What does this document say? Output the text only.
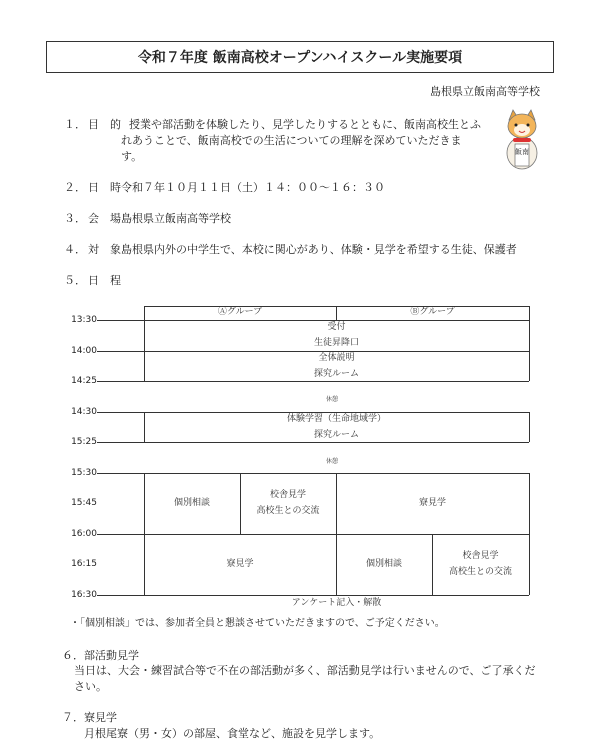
令和７年度 飯南高校オープンハイスクール実施要項
島根県立飯南高等学校
飯南
１． 目　的 授業や部活動を体験したり、見学したりするとともに、飯南高校生とふ
れあうことで、飯南高校での生活についての理解を深めていただきま
す。
２． 日　時 令和７年１０月１１日（土）１４：００～１６：３０
３． 会　場 島根県立飯南高等学校
４． 対　象 島根県内外の中学生で、本校に関心があり、体験・見学を希望する生徒、保護者
５． 日　程
Ⓐグループ	Ⓑグループ
13:30
14:00
14:25
14:30
15:25
15:30
15:45
16:00
16:15
16:30
受付
生徒昇降口
全体説明
探究ルーム
休憩
体験学習（生命地域学）
探究ルーム
休憩
個別相談
校舎見学
高校生との交流
寮見学
寮見学	個別相談
校舎見学
高校生との交流
アンケート記入・解散
・「個別相談」では、参加者全員と懇談させていただきますので、ご予定ください。
６．部活動見学
当日は、大会・練習試合等で不在の部活動が多く、部活動見学は行いませんので、ご了承くだ
さい。
７．寮見学
月根尾寮（男・女）の部屋、食堂など、施設を見学します。
